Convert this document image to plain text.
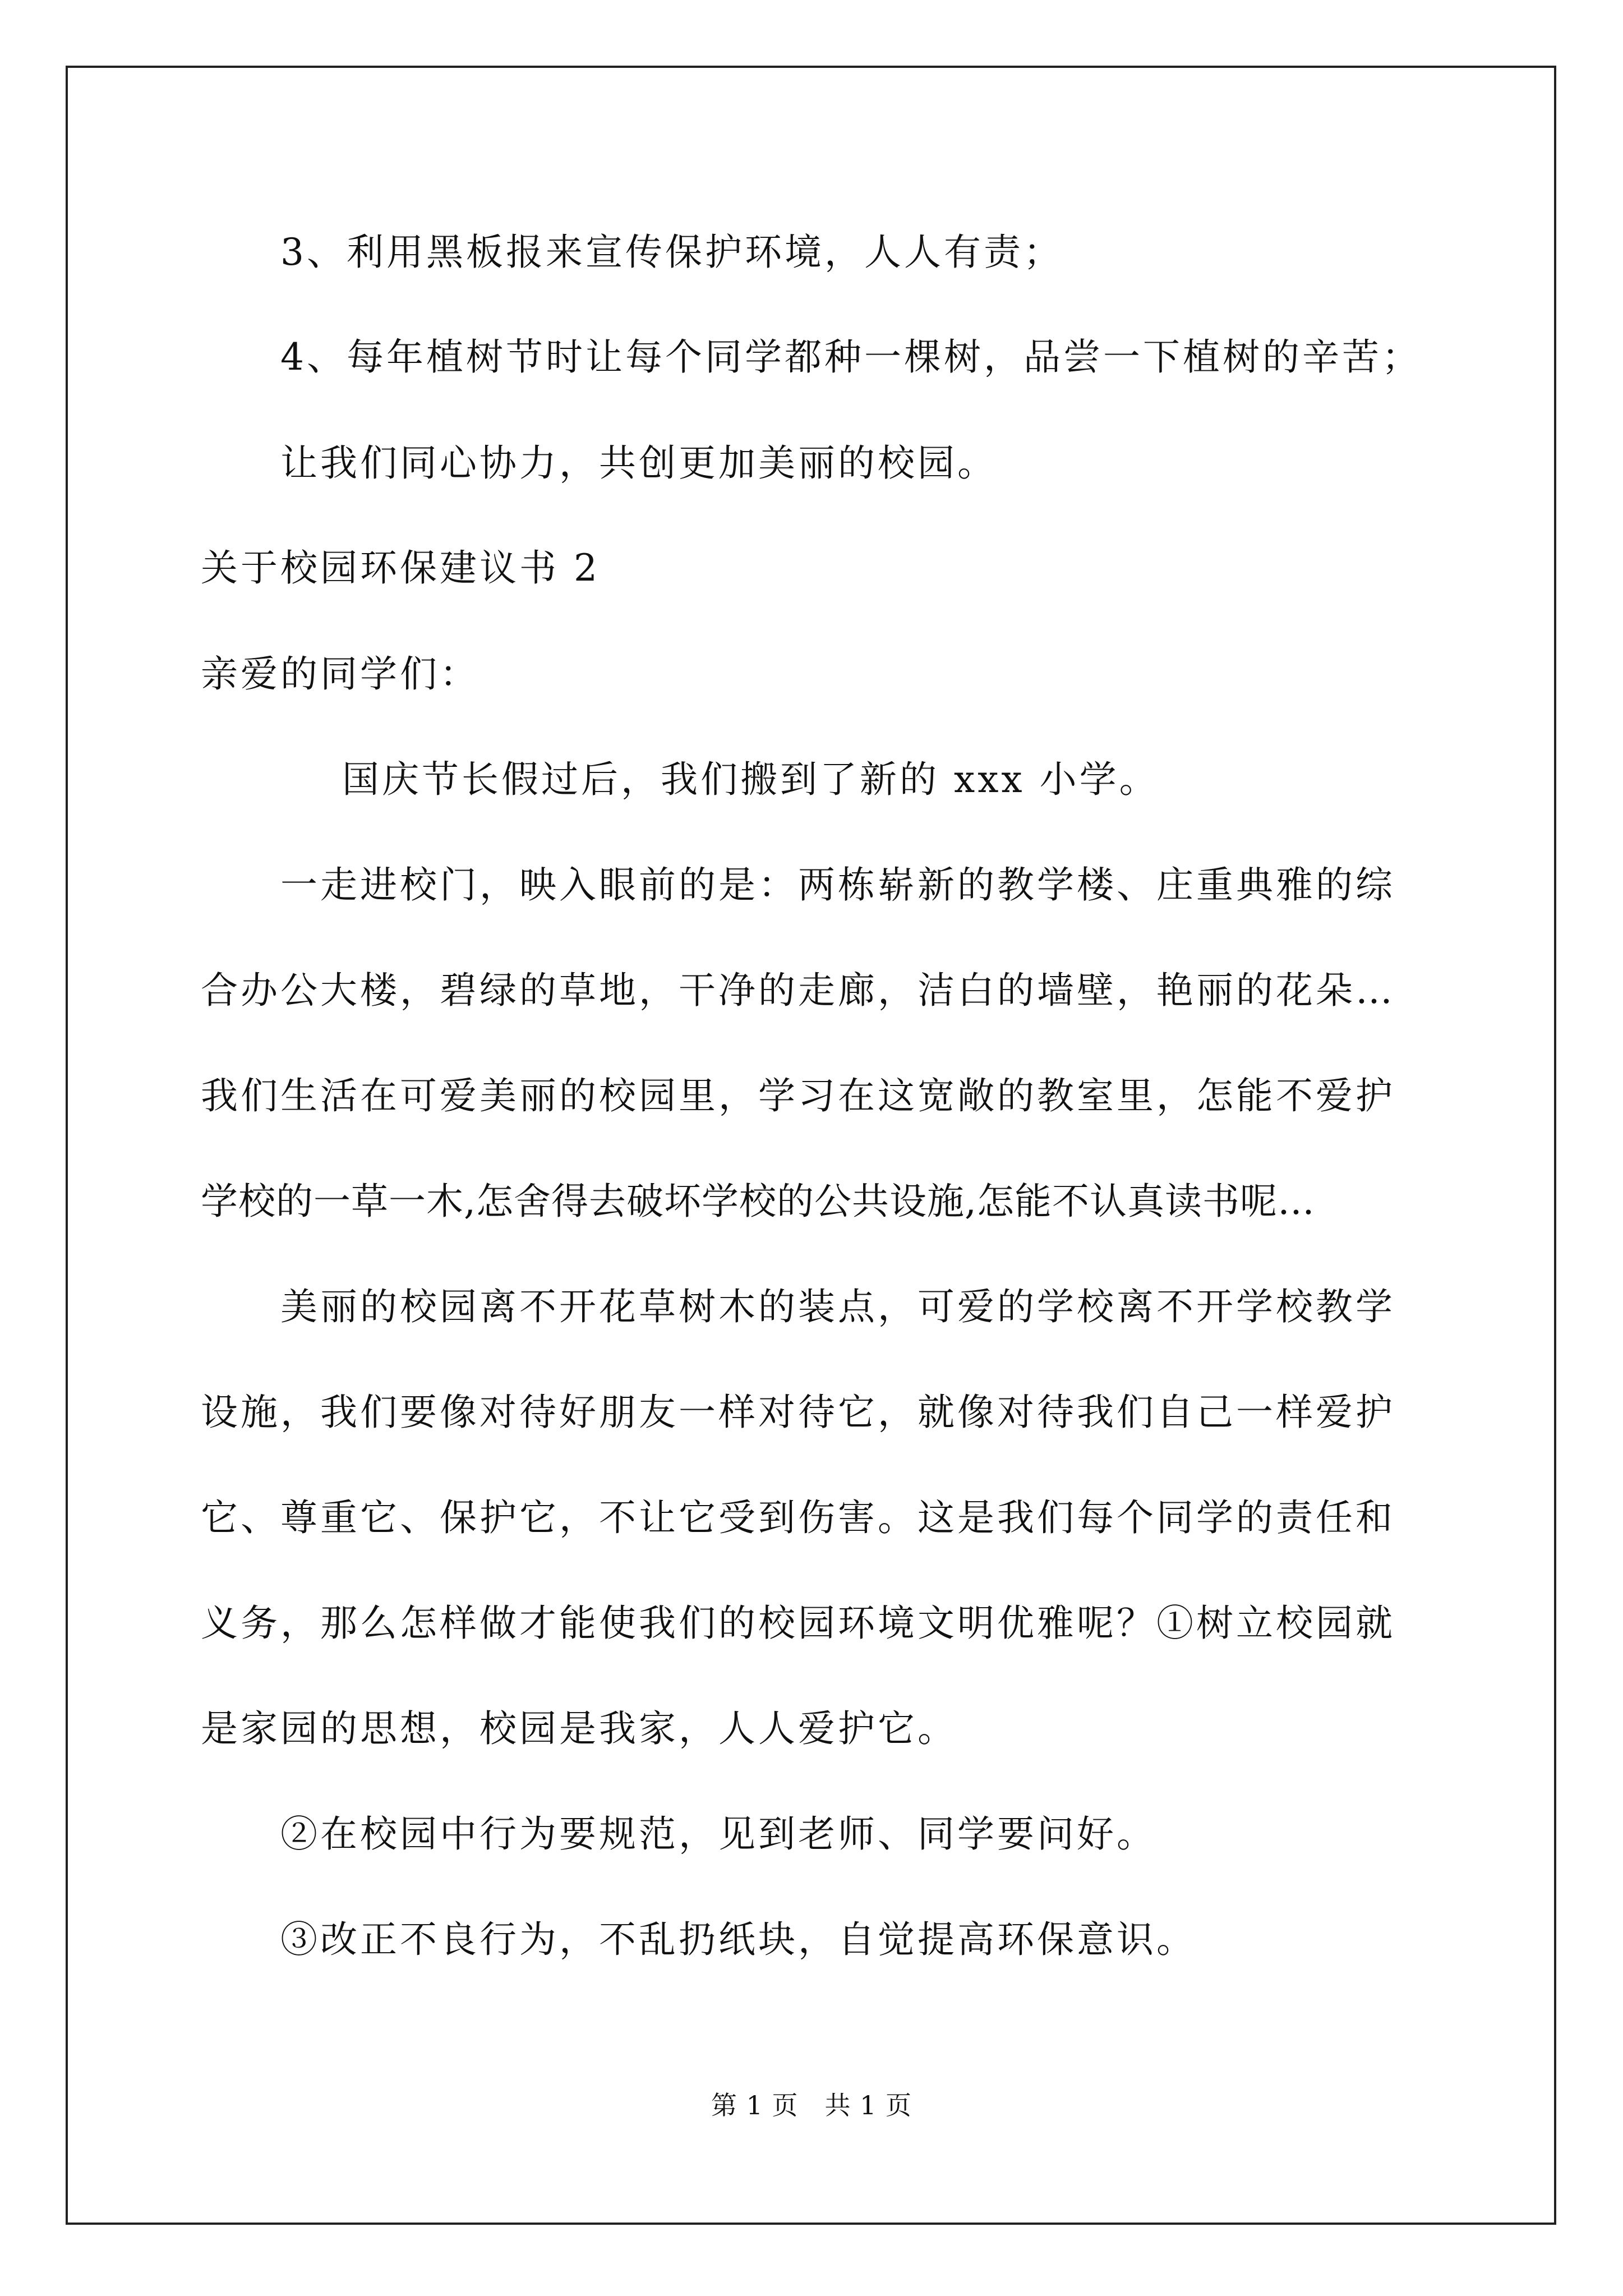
3、利用黑板报来宣传保护环境，人人有责；
4、每年植树节时让每个同学都种一棵树，品尝一下植树的辛苦；
让我们同心协力，共创更加美丽的校园。
关于校园环保建议书 2
亲爱的同学们：
国庆节长假过后，我们搬到了新的 xxx 小学。
一走进校门，映入眼前的是：两栋崭新的教学楼、庄重典雅的综
合办公大楼，碧绿的草地，干净的走廊，洁白的墙壁，艳丽的花朵…
我们生活在可爱美丽的校园里，学习在这宽敞的教室里，怎能不爱护
学校的一草一木,怎舍得去破坏学校的公共设施,怎能不认真读书呢…
美丽的校园离不开花草树木的装点，可爱的学校离不开学校教学
设施，我们要像对待好朋友一样对待它，就像对待我们自己一样爱护
它、尊重它、保护它，不让它受到伤害。这是我们每个同学的责任和
义务，那么怎样做才能使我们的校园环境文明优雅呢？①树立校园就
是家园的思想，校园是我家，人人爱护它。
②在校园中行为要规范，见到老师、同学要问好。
③改正不良行为，不乱扔纸块，自觉提高环保意识。
第 1 页　共 1 页
